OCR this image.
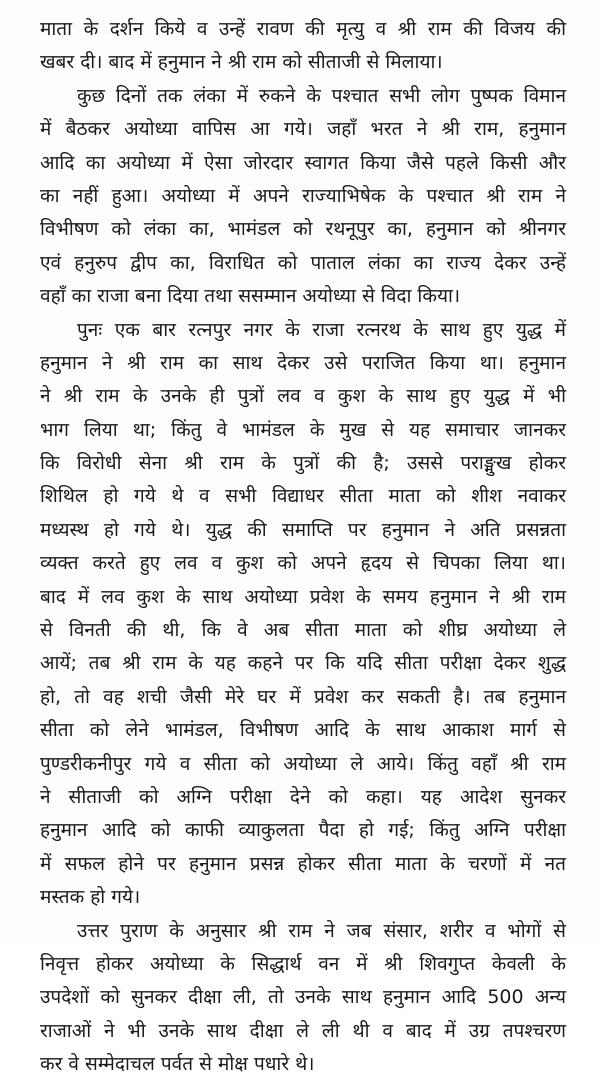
माता के दर्शन किये व उन्हें रावण की मृत्यु व श्री राम की विजय की
खबर दी। बाद में हनुमान ने श्री राम को सीताजी से मिलाया।
कुछ दिनों तक लंका में रुकने के पश्चात सभी लोग पुष्पक विमान
में बैठकर अयोध्या वापिस आ गये। जहाँ भरत ने श्री राम, हनुमान
आदि का अयोध्या में ऐसा जोरदार स्वागत किया जैसे पहले किसी और
का नहीं हुआ। अयोध्या में अपने राज्याभिषेक के पश्चात श्री राम ने
विभीषण को लंका का, भामंडल को रथनूपुर का, हनुमान को श्रीनगर
एवं हनुरुप द्वीप का, विराधित को पाताल लंका का राज्य देकर उन्हें
वहाँ का राजा बना दिया तथा ससम्मान अयोध्या से विदा किया।
पुनः एक बार रत्नपुर नगर के राजा रत्नरथ के साथ हुए युद्ध में
हनुमान ने श्री राम का साथ देकर उसे पराजित किया था। हनुमान
ने श्री राम के उनके ही पुत्रों लव व कुश के साथ हुए युद्ध में भी
भाग लिया था; किंतु वे भामंडल के मुख से यह समाचार जानकर
कि विरोधी सेना श्री राम के पुत्रों की है; उससे पराङ्मुख होकर
शिथिल हो गये थे व सभी विद्याधर सीता माता को शीश नवाकर
मध्यस्थ हो गये थे। युद्ध की समाप्ति पर हनुमान ने अति प्रसन्नता
व्यक्त करते हुए लव व कुश को अपने हृदय से चिपका लिया था।
बाद में लव कुश के साथ अयोध्या प्रवेश के समय हनुमान ने श्री राम
से विनती की थी, कि वे अब सीता माता को शीघ्र अयोध्या ले
आयें; तब श्री राम के यह कहने पर कि यदि सीता परीक्षा देकर शुद्ध
हो, तो वह शची जैसी मेरे घर में प्रवेश कर सकती है। तब हनुमान
सीता को लेने भामंडल, विभीषण आदि के साथ आकाश मार्ग से
पुण्डरीकनीपुर गये व सीता को अयोध्या ले आये। किंतु वहाँ श्री राम
ने सीताजी को अग्नि परीक्षा देने को कहा। यह आदेश सुनकर
हनुमान आदि को काफी व्याकुलता पैदा हो गई; किंतु अग्नि परीक्षा
में सफल होने पर हनुमान प्रसन्न होकर सीता माता के चरणों में नत
मस्तक हो गये।
उत्तर पुराण के अनुसार श्री राम ने जब संसार, शरीर व भोगों से
निवृत्त होकर अयोध्या के सिद्धार्थ वन में श्री शिवगुप्त केवली के
उपदेशों को सुनकर दीक्षा ली, तो उनके साथ हनुमान आदि 500 अन्य
राजाओं ने भी उनके साथ दीक्षा ले ली थी व बाद में उग्र तपश्चरण
कर वे सम्मेदाचल पर्वत से मोक्ष पधारे थे।
